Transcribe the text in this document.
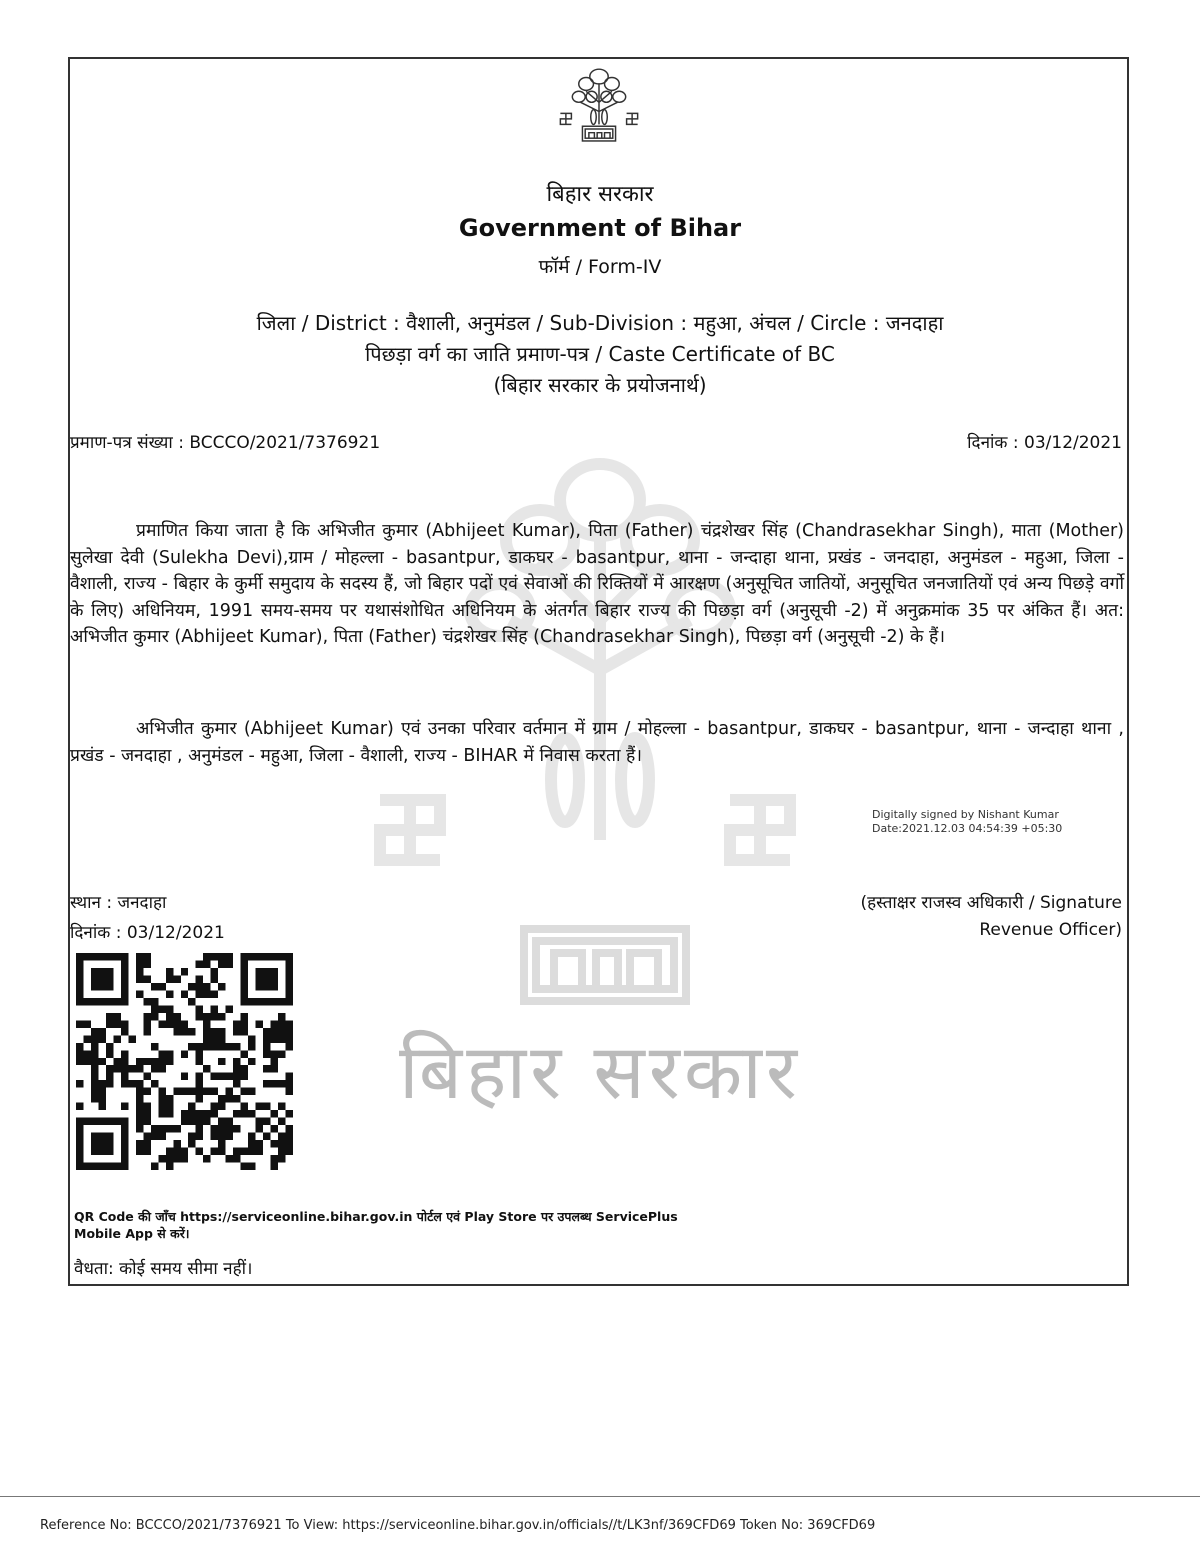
बिहार सरकार
बिहार सरकार
Government of Bihar
फॉर्म / Form-IV
जिला / District : वैशाली, अनुमंडल / Sub-Division : महुआ, अंचल / Circle : जनदाहा
पिछड़ा वर्ग का जाति प्रमाण-पत्र / Caste Certificate of BC
(बिहार सरकार के प्रयोजनार्थ)
प्रमाण-पत्र संख्या : BCCCO/2021/7376921	दिनांक : 03/12/2021
प्रमाणित किया जाता है कि अभिजीत कुमार (Abhijeet Kumar), पिता (Father) चंद्रशेखर सिंह (Chandrasekhar Singh), माता (Mother) सुलेखा देवी (Sulekha Devi),ग्राम / मोहल्ला - basantpur, डाकघर - basantpur, थाना - जन्दाहा थाना, प्रखंड - जनदाहा, अनुमंडल - महुआ, जिला - वैशाली, राज्य - बिहार के कुर्मी समुदाय के सदस्य हैं, जो बिहार पदों एवं सेवाओं की रिक्तियों में आरक्षण (अनुसूचित जातियों, अनुसूचित जनजातियों एवं अन्य पिछड़े वर्गो के लिए) अधिनियम, 1991 समय-समय पर यथासंशोधित अधिनियम के अंतर्गत बिहार राज्य की पिछड़ा वर्ग (अनुसूची -2) में अनुक्रमांक 35 पर अंकित हैं। अत: अभिजीत कुमार (Abhijeet Kumar), पिता (Father) चंद्रशेखर सिंह (Chandrasekhar Singh), पिछड़ा वर्ग (अनुसूची -2) के हैं।
अभिजीत कुमार (Abhijeet Kumar) एवं उनका परिवार वर्तमान में ग्राम / मोहल्ला - basantpur, डाकघर - basantpur, थाना - जन्दाहा थाना , प्रखंड - जनदाहा , अनुमंडल - महुआ, जिला - वैशाली, राज्य - BIHAR में निवास करता हैं।
Digitally signed by Nishant Kumar
Date:2021.12.03 04:54:39 +05:30
स्थान : जनदाहा
दिनांक : 03/12/2021
(हस्ताक्षर राजस्व अधिकारी / Signature
Revenue Officer)
QR Code की जाँच https://serviceonline.bihar.gov.in पोर्टल एवं Play Store पर उपलब्ध ServicePlus
Mobile App से करें।
वैधता: कोई समय सीमा नहीं।
Reference No: BCCCO/2021/7376921 To View: https://serviceonline.bihar.gov.in/officials//t/LK3nf/369CFD69 Token No: 369CFD69
